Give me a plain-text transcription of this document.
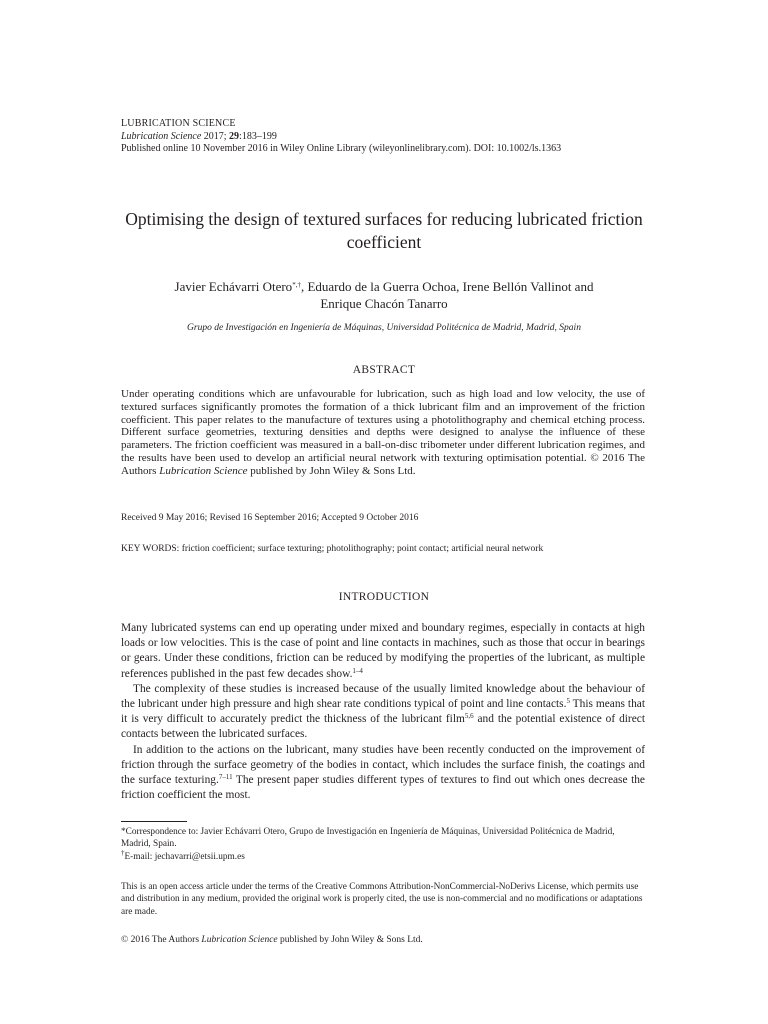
LUBRICATION SCIENCE
Lubrication Science 2017; 29:183–199
Published online 10 November 2016 in Wiley Online Library (wileyonlinelibrary.com). DOI: 10.1002/ls.1363
Optimising the design of textured surfaces for reducing lubricated friction coefficient
Javier Echávarri Otero*,†, Eduardo de la Guerra Ochoa, Irene Bellón Vallinot and
Enrique Chacón Tanarro
Grupo de Investigación en Ingeniería de Máquinas, Universidad Politécnica de Madrid, Madrid, Spain
ABSTRACT
Under operating conditions which are unfavourable for lubrication, such as high load and low velocity, the use of textured surfaces significantly promotes the formation of a thick lubricant film and an improvement of the friction coefficient. This paper relates to the manufacture of textures using a photolithography and chemical etching process. Different surface geometries, texturing densities and depths were designed to analyse the influence of these parameters. The friction coefficient was measured in a ball-on-disc tribometer under different lubrication regimes, and the results have been used to develop an artificial neural network with texturing optimisation potential. © 2016 The Authors Lubrication Science published by John Wiley & Sons Ltd.
Received 9 May 2016; Revised 16 September 2016; Accepted 9 October 2016
KEY WORDS: friction coefficient; surface texturing; photolithography; point contact; artificial neural network
INTRODUCTION

Many lubricated systems can end up operating under mixed and boundary regimes, especially in contacts at high loads or low velocities. This is the case of point and line contacts in machines, such as those that occur in bearings or gears. Under these conditions, friction can be reduced by modifying the properties of the lubricant, as multiple references published in the past few decades show.$^{1-4}$

The complexity of these studies is increased because of the usually limited knowledge about the behaviour of the lubricant under high pressure and high shear rate conditions typical of point and line contacts.$^5$ This means that it is very difficult to accurately predict the thickness of the lubricant film$^{5,6}$ and the potential existence of direct contacts between the lubricated surfaces.

In addition to the actions on the lubricant, many studies have been recently conducted on the improvement of friction through the surface geometry of the bodies in contact, which includes the surface finish, the coatings and the surface texturing.$^{7-11}$ The present paper studies different types of textures to find out which ones decrease the friction coefficient the most.

*Correspondence to: Javier Echávarri Otero, Grupo de Investigación en Ingeniería de Máquinas, Universidad Politécnica de Madrid, Madrid, Spain.
†E-mail: jechavarri@etsii.upm.es
This is an open access article under the terms of the Creative Commons Attribution-NonCommercial-NoDerivs License, which permits use and distribution in any medium, provided the original work is properly cited, the use is non-commercial and no modifications or adaptations are made.
© 2016 The Authors Lubrication Science published by John Wiley & Sons Ltd.
